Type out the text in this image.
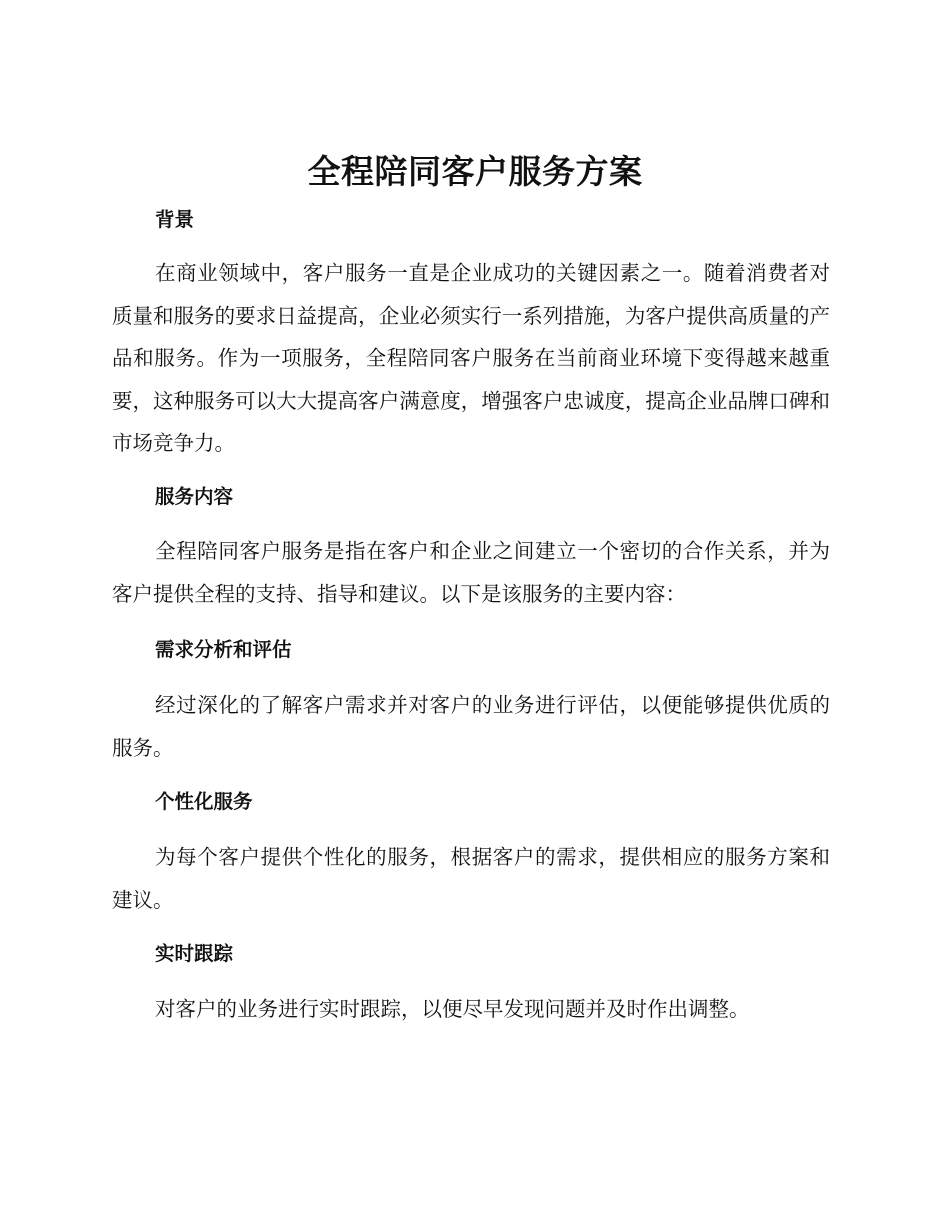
全程陪同客户服务方案
背景

在商业领域中，客户服务一直是企业成功的关键因素之一。随着消费者对质量和服务的要求日益提高，企业必须实行一系列措施，为客户提供高质量的产品和服务。作为一项服务，全程陪同客户服务在当前商业环境下变得越来越重要，这种服务可以大大提高客户满意度，增强客户忠诚度，提高企业品牌口碑和市场竞争力。

服务内容

全程陪同客户服务是指在客户和企业之间建立一个密切的合作关系，并为客户提供全程的支持、指导和建议。以下是该服务的主要内容：

需求分析和评估

经过深化的了解客户需求并对客户的业务进行评估，以便能够提供优质的服务。

个性化服务

为每个客户提供个性化的服务，根据客户的需求，提供相应的服务方案和建议。

实时跟踪

对客户的业务进行实时跟踪，以便尽早发现问题并及时作出调整。
